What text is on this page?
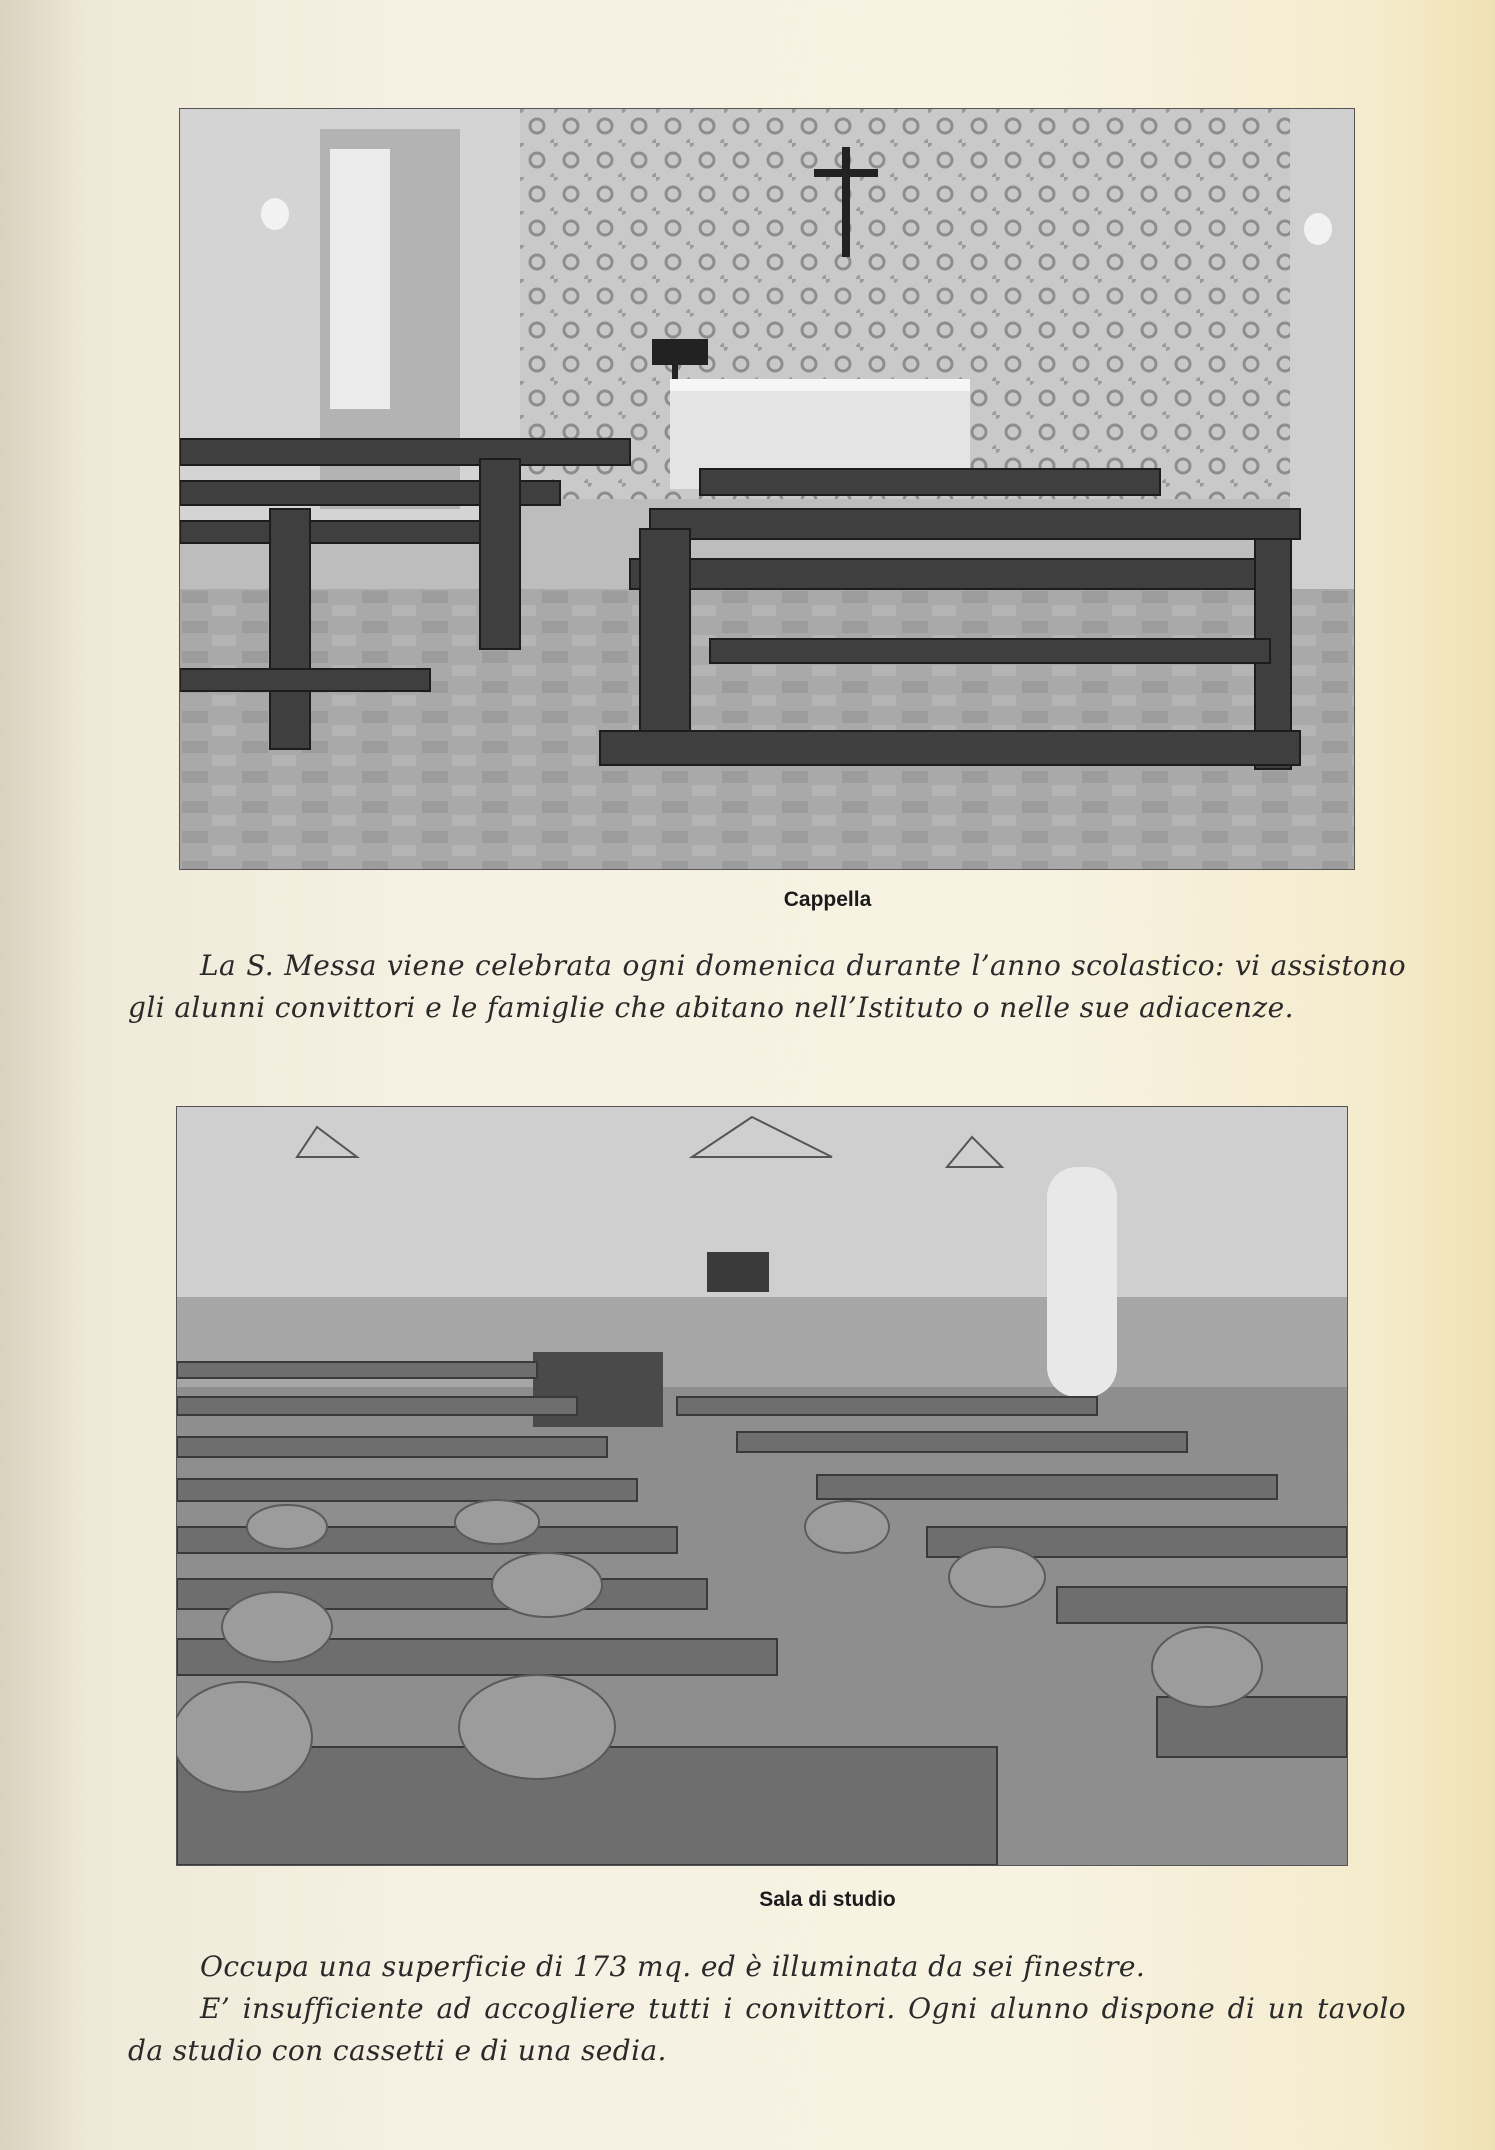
Cappella

La S. Messa viene celebrata ogni domenica durante l’anno scolastico: vi assistono gli alunni convittori e le famiglie che abitano nell’Istituto o nelle sue adiacenze.

Sala di studio

Occupa una superficie di 173 mq. ed è illuminata da sei finestre.

E’ insufficiente ad accogliere tutti i convittori. Ogni alunno dispone di un tavolo da studio con cassetti e di una sedia.
